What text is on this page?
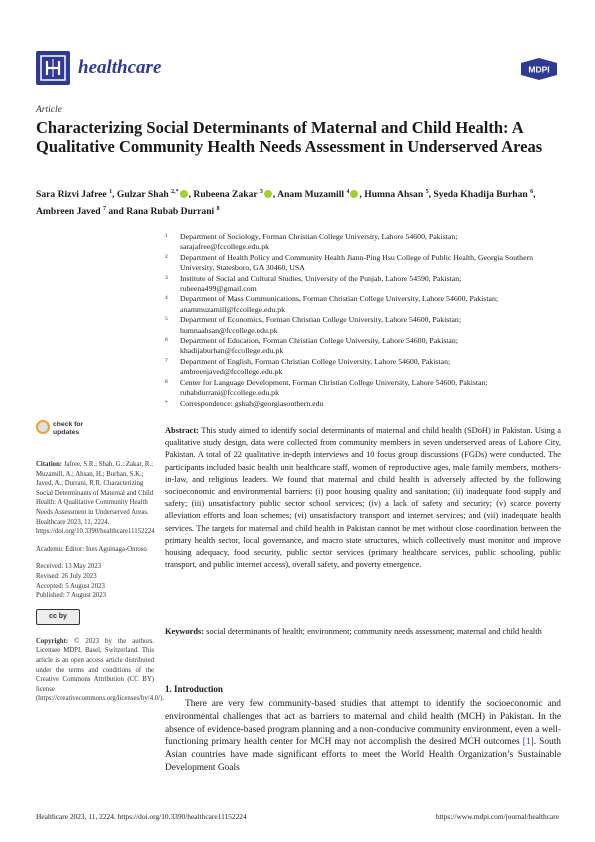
healthcare	MDPI
Article
Characterizing Social Determinants of Maternal and Child Health: A Qualitative Community Health Needs Assessment in Underserved Areas
Sara Rizvi Jafree $^1$, Gulzar Shah $^{2,*}$ , Rubeena Zakar $^3$ , Anam Muzamill $^4$ , Humna Ahsan $^5$, Syeda Khadija Burhan $^6$, Ambreen Javed $^7$ and Rana Rubab Durrani $^8$
1 Department of Sociology, Forman Christian College University, Lahore 54600, Pakistan;
sarajafree@fccollege.edu.pk
2 Department of Health Policy and Community Health Jiann-Ping Hsu College of Public Health, Georgia Southern University, Statesboro, GA 30460, USA
3 Institute of Social and Cultural Studies, University of the Punjab, Lahore 54590, Pakistan;
rubeena499@gmail.com
4 Department of Mass Communications, Forman Christian College University, Lahore 54600, Pakistan;
anammuzamill@fccollege.edu.pk
5 Department of Economics, Forman Christian College University, Lahore 54600, Pakistan;
humnaahsan@fccollege.edu.pk
6 Department of Education, Forman Christian College University, Lahore 54600, Pakistan;
khadijaburhan@fccollege.edu.pk
7 Department of English, Forman Christian College University, Lahore 54600, Pakistan;
ambreenjaved@fccollege.edu.pk
8 Center for Language Development, Forman Christian College University, Lahore 54600, Pakistan;
rubabdurrani@fccollege.edu.pk
* Correspondence: gshah@georgiasouthern.edu
check for
updates
Citation: Jafree, S.R.; Shah, G.; Zakar, R.; Muzamill, A.; Ahsan, H.; Burhan, S.K.; Javed, A.; Durrani, R.R. Characterizing Social Determinants of Maternal and Child Health: A Qualitative Community Health Needs Assessment in Underserved Areas. Healthcare 2023, 11, 2224. https://doi.org/10.3390/healthcare11152224
Academic Editor: Ines Aguinaga-Ontoso
Received: 13 May 2023
Revised: 26 July 2023
Accepted: 5 August 2023
Published: 7 August 2023
cc by
Copyright: © 2023 by the authors. Licensee MDPI, Basel, Switzerland. This article is an open access article distributed under the terms and conditions of the Creative Commons Attribution (CC BY) license (https://creativecommons.org/licenses/by/4.0/).
Abstract: This study aimed to identify social determinants of maternal and child health (SDoH) in Pakistan. Using a qualitative study design, data were collected from community members in seven underserved areas of Lahore City, Pakistan. A total of 22 qualitative in-depth interviews and 10 focus group discussions (FGDs) were conducted. The participants included basic health unit healthcare staff, women of reproductive ages, male family members, mothers-in-law, and religious leaders. We found that maternal and child health is adversely affected by the following socioeconomic and environmental barriers: (i) poor housing quality and sanitation; (ii) inadequate food supply and safety; (iii) unsatisfactory public sector school services; (iv) a lack of safety and security; (v) scarce poverty alleviation efforts and loan schemes; (vi) unsatisfactory transport and internet services; and (vii) inadequate health services. The targets for maternal and child health in Pakistan cannot be met without close coordination between the primary health sector, local governance, and macro state structures, which collectively must monitor and improve housing adequacy, food security, public sector services (primary healthcare services, public schooling, public transport, and public internet access), overall safety, and poverty emergence.
Keywords: social determinants of health; environment; community needs assessment; maternal and child health
1. Introduction
There are very few community-based studies that attempt to identify the socioeconomic and environmental challenges that act as barriers to maternal and child health (MCH) in Pakistan. In the absence of evidence-based program planning and a non-conducive community environment, even a well-functioning primary health center for MCH may not accomplish the desired MCH outcomes [1]. South Asian countries have made significant efforts to meet the World Health Organization’s Sustainable Development Goals
Healthcare 2023, 11, 2224. https://doi.org/10.3390/healthcare11152224	https://www.mdpi.com/journal/healthcare
